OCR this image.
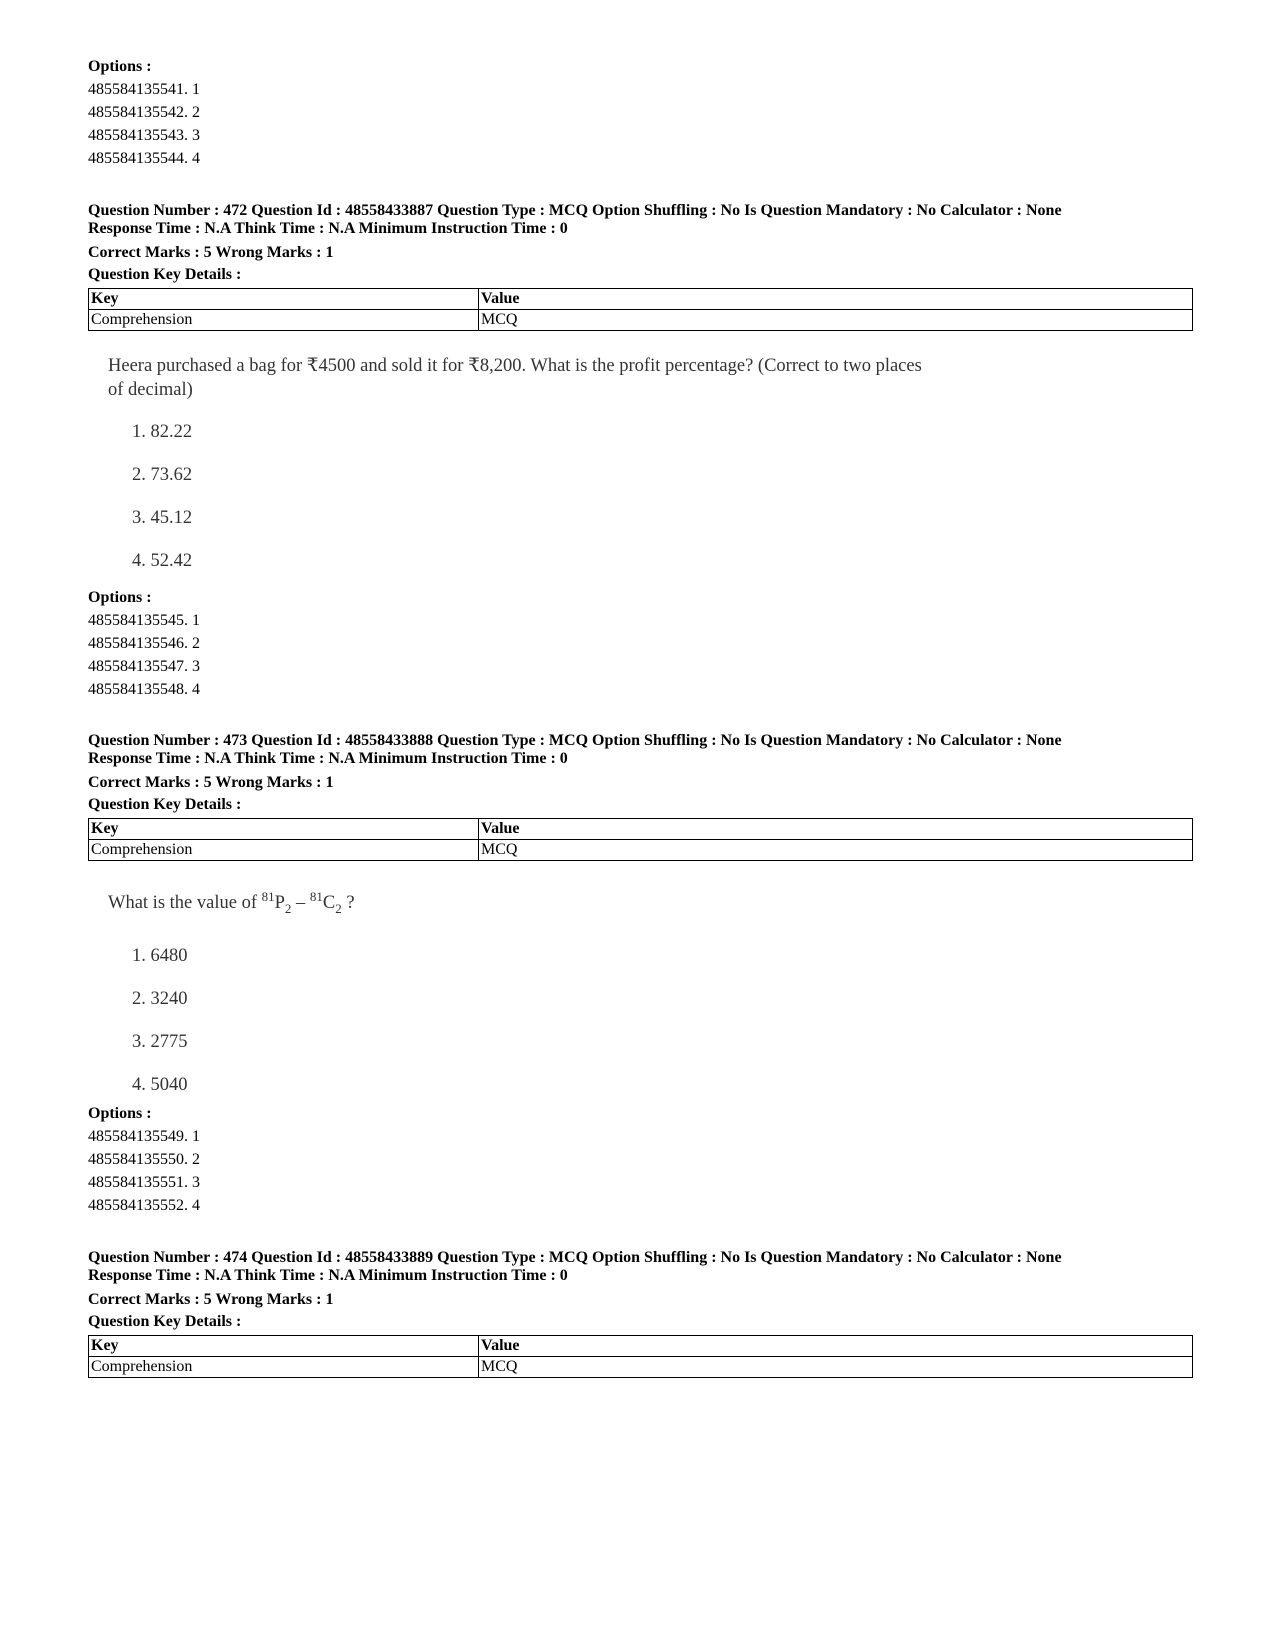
Options :
485584135541. 1
485584135542. 2
485584135543. 3
485584135544. 4
Question Number : 472 Question Id : 48558433887 Question Type : MCQ Option Shuffling : No Is Question Mandatory : No Calculator : None
Response Time : N.A Think Time : N.A Minimum Instruction Time : 0
Correct Marks : 5 Wrong Marks : 1
Question Key Details :
Key	Value
Comprehension	MCQ
Heera purchased a bag for ₹4500 and sold it for ₹8,200. What is the profit percentage? (Correct to two places
of decimal)
1. 82.22
2. 73.62
3. 45.12
4. 52.42
Options :
485584135545. 1
485584135546. 2
485584135547. 3
485584135548. 4
Question Number : 473 Question Id : 48558433888 Question Type : MCQ Option Shuffling : No Is Question Mandatory : No Calculator : None
Response Time : N.A Think Time : N.A Minimum Instruction Time : 0
Correct Marks : 5 Wrong Marks : 1
Question Key Details :
Key	Value
Comprehension	MCQ
What is the value of $^{81}P_2 - ^{81}C_2$ ?
1. 6480
2. 3240
3. 2775
4. 5040
Options :
485584135549. 1
485584135550. 2
485584135551. 3
485584135552. 4
Question Number : 474 Question Id : 48558433889 Question Type : MCQ Option Shuffling : No Is Question Mandatory : No Calculator : None
Response Time : N.A Think Time : N.A Minimum Instruction Time : 0
Correct Marks : 5 Wrong Marks : 1
Question Key Details :
Key	Value
Comprehension	MCQ
